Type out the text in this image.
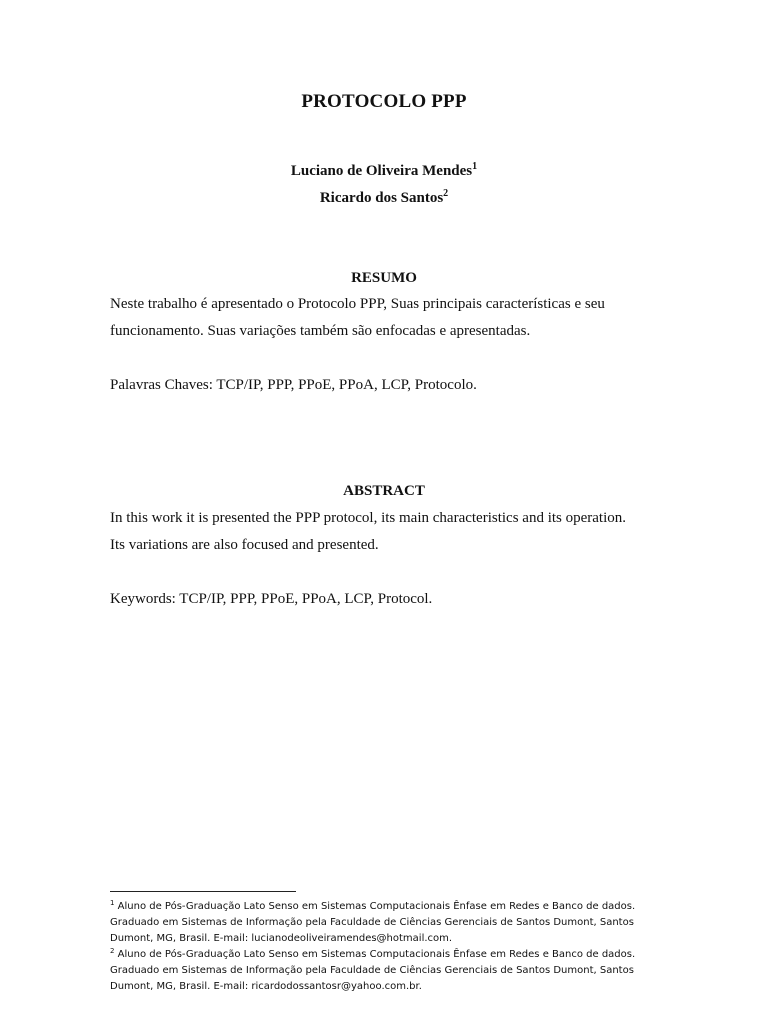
PROTOCOLO PPP
Luciano de Oliveira Mendes$^1$
Ricardo dos Santos$^2$
RESUMO

Neste trabalho é apresentado o Protocolo PPP, Suas principais características e seu

funcionamento. Suas variações também são enfocadas e apresentadas.

Palavras Chaves: TCP/IP, PPP, PPoE, PPoA, LCP, Protocolo.

ABSTRACT

In this work it is presented the PPP protocol, its main characteristics and its operation.

Its variations are also focused and presented.

Keywords: TCP/IP, PPP, PPoE, PPoA, LCP, Protocol.

$^1$ Aluno de Pós-Graduação Lato Senso em Sistemas Computacionais Ênfase em Redes e Banco de dados.
Graduado em Sistemas de Informação pela Faculdade de Ciências Gerenciais de Santos Dumont, Santos
Dumont, MG, Brasil. E-mail: lucianodeoliveiramendes@hotmail.com.

$^2$ Aluno de Pós-Graduação Lato Senso em Sistemas Computacionais Ênfase em Redes e Banco de dados.
Graduado em Sistemas de Informação pela Faculdade de Ciências Gerenciais de Santos Dumont, Santos
Dumont, MG, Brasil. E-mail: ricardodossantosr@yahoo.com.br.
